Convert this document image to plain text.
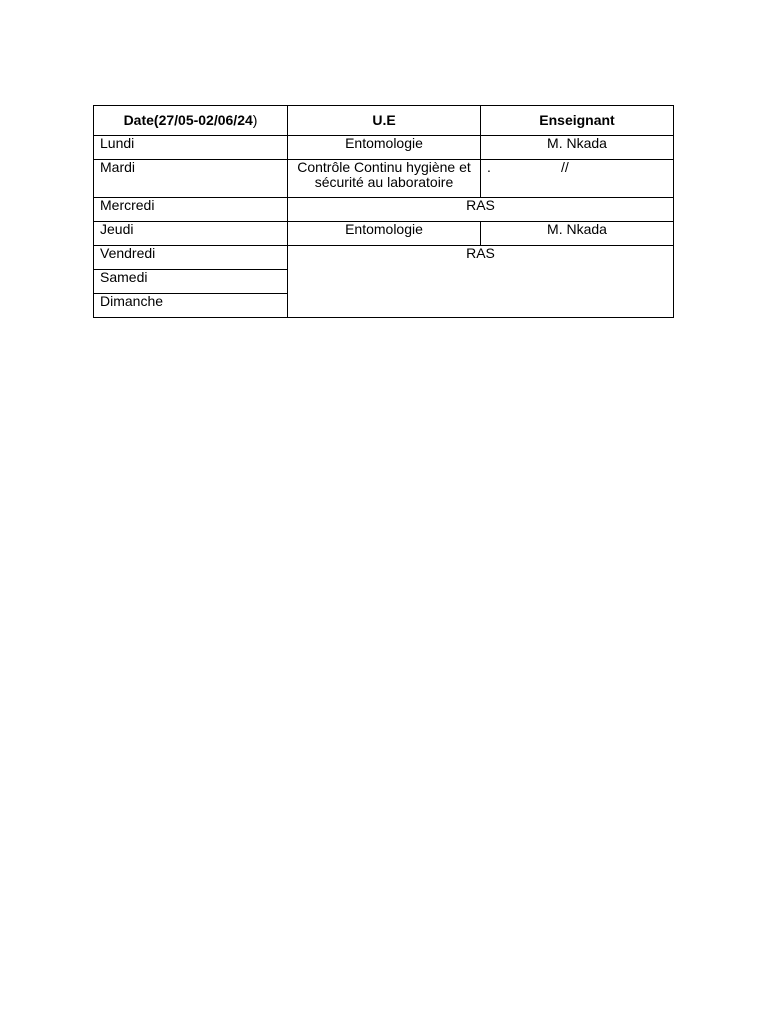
Date(27/05-02/06/24)	U.E	Enseignant
Lundi	Entomologie	M. Nkada
Mardi	Contrôle Continu hygiène et sécurité au laboratoire	. //

Mercredi	RAS	
Jeudi	Entomologie	M. Nkada
Vendredi	RAS	
Samedi		
Dimanche		
